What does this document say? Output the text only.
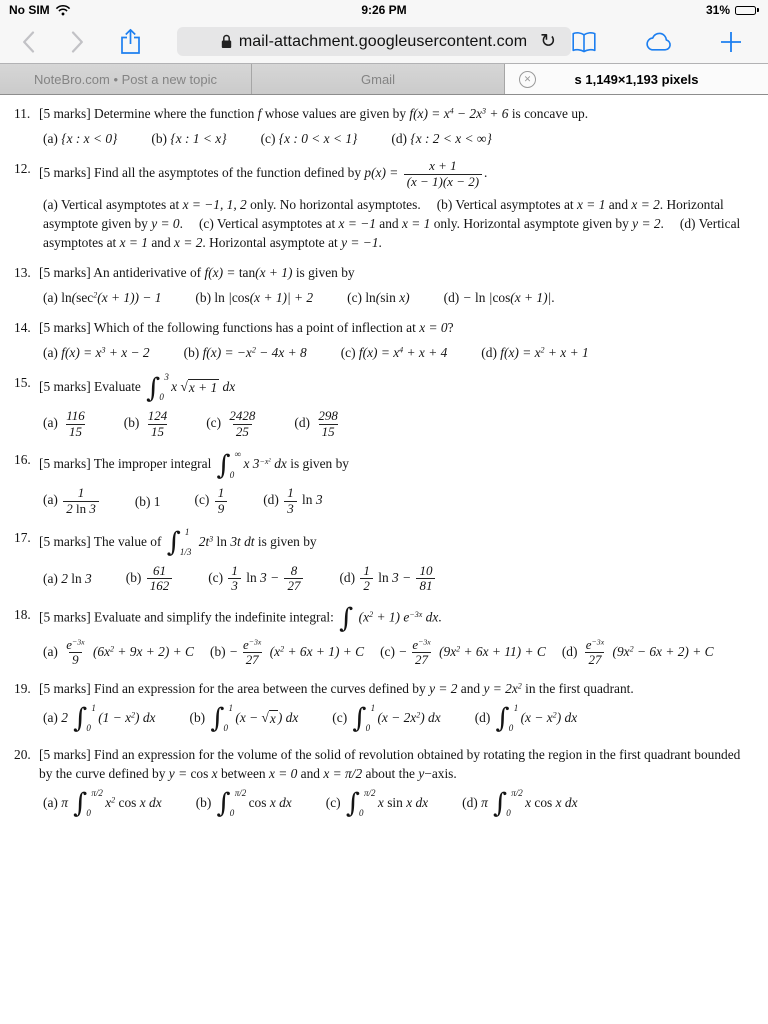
No SIM	9:26 PM	31%
mail-attachment.googleusercontent.com ↻
NoteBro.com • Post a new topic	Gmail	✕	s 1,149×1,193 pixels
11. [5 marks] Determine where the function f whose values are given by $f(x) = x^4 - 2x^3 + 6$ is concave up.
(a) {x : x < 0}	(b) {x : 1 < x}	(c) {x : 0 < x < 1}	(d) {x : 2 < x < ∞}
12. [5 marks] Find all the asymptotes of the function defined by $p(x) = \frac{x + 1}{(x - 1)(x - 2)}$ .
(a) Vertical asymptotes at x = −1, 1, 2 only. No horizontal asymptotes. (b) Vertical asymptotes at x = 1 and x = 2. Horizontal asymptote given by y = 0. (c) Vertical asymptotes at x = −1 and x = 1 only. Horizontal asymptote given by y = 2. (d) Vertical asymptotes at x = 1 and x = 2. Horizontal asymptote at y = −1.
13. [5 marks] An antiderivative of f(x) = tan(x + 1) is given by
(a) $\ln(\sec^2(x + 1)) - 1$	(b) ln |cos(x + 1)| + 2	(c) ln(sin x)	(d) − ln |cos(x + 1)|.
14. [5 marks] Which of the following functions has a point of inflection at x = 0?
(a) $f(x) = x^3 + x - 2$	(b) $f(x) = -x^2 - 4x + 8$	(c) $f(x) = x^4 + x + 4$	(d) $f(x) = x^2 + x + 1$
15. [5 marks] Evaluate ∫ 3
0
x √ x + 1 dx
$(a) \frac{116}{15}$	$(b) \frac{124}{15}$	$(c) \frac{2428}{25}$	$(d) \frac{298}{15}$
16. [5 marks] The improper integral ∫ ∞
0
x $3^{-x^2}$ dx is given by
$(a) \frac{1}{2 \ln 3}$	(b) 1	$(c) \frac{1}{9}$	$(d) \frac{1}{3}$ ln 3
17. [5 marks] The value of ∫ 1
1/3
$2t^3$ ln 3t dt is given by
(a) 2 ln 3	$(b) \frac{61}{162}$	$(c) \frac{1}{3}$ $\ln 3 - \frac{8}{27}$	$(d) \frac{1}{2}$ $\ln 3 - \frac{10}{81}$
18. [5 marks] Evaluate and simplify the indefinite integral: ∫ $(x^2 + 1)$ $e^{-3x}$ dx.
$(a) \frac{e^{-3x}}{9} (6x^2 + 9x + 2) + C$ $(b) - \frac{e^{-3x}}{27} (x^2 + 6x + 1) + C$ $(c) - \frac{e^{-3x}}{27} (9x^2 + 6x + 11) + C$ $(d) \frac{e^{-3x}}{27} (9x^2 - 6x + 2) + C$
19. [5 marks] Find an expression for the area between the curves defined by y = 2 and $y = 2x^2$ in the first quadrant.
(a) 2 ∫ 1
0
$(1 - x^2)$ dx	(b) ∫ 1
0
(x − √ x ) dx	(c) ∫ 1
0
$(x - 2x^2)$ dx	(d) ∫ 1
0
$(x - x^2)$ dx
20. [5 marks] Find an expression for the volume of the solid of revolution obtained by rotating the region in the first quadrant bounded by the curve defined by y = cos x between x = 0 and x = π/2 about the y−axis.
(a) π ∫ π/2
0
$x^2$ cos x dx	(b) ∫ π/2
0
cos x dx	(c) ∫ π/2
0
x sin x dx	(d) π ∫ π/2
0
x cos x dx
